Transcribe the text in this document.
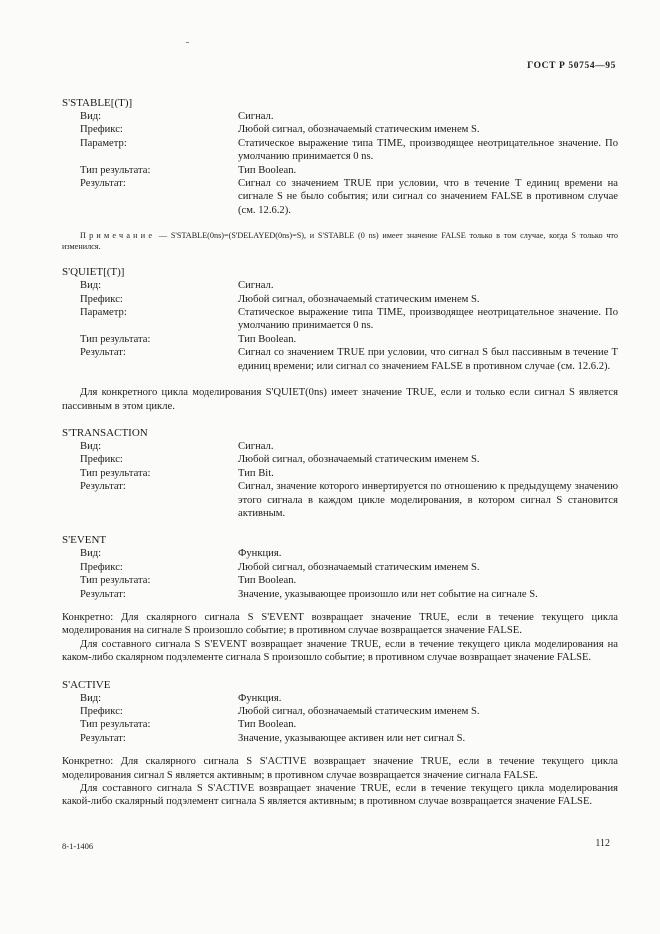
ГОСТ Р 50754—95
S'STABLE[(T)]
Вид:	Сигнал.
Префикс:	Любой сигнал, обозначаемый статическим именем S.
Параметр:	Статическое выражение типа TIME, производящее неотрицательное значение. По умолчанию принимается 0 ns.
Тип результата:	Тип Boolean.
Результат:	Сигнал со значением TRUE при условии, что в течение T единиц времени на сигнале S не было события; или сигнал со значением FALSE в противном случае (см. 12.6.2).
Примечание — S'STABLE(0ns)=(S'DELAYED(0ns)=S), и S'STABLE (0 ns) имеет значение FALSE только в том случае, когда S только что изменился.
S'QUIET[(T)]
Вид:	Сигнал.
Префикс:	Любой сигнал, обозначаемый статическим именем S.
Параметр:	Статическое выражение типа TIME, производящее неотрицательное значение. По умолчанию принимается 0 ns.
Тип результата:	Тип Boolean.
Результат:	Сигнал со значением TRUE при условии, что сигнал S был пассивным в течение T единиц времени; или сигнал со значением FALSE в противном случае (см. 12.6.2).
Для конкретного цикла моделирования S'QUIET(0ns) имеет значение TRUE, если и только если сигнал S является пассивным в этом цикле.
S'TRANSACTION
Вид:	Сигнал.
Префикс:	Любой сигнал, обозначаемый статическим именем S.
Тип результата:	Тип Bit.
Результат:	Сигнал, значение которого инвертируется по отношению к предыдущему значению этого сигнала в каждом цикле моделирования, в котором сигнал S становится активным.
S'EVENT
Вид:	Функция.
Префикс:	Любой сигнал, обозначаемый статическим именем S.
Тип результата:	Тип Boolean.
Результат:	Значение, указывающее произошло или нет событие на сигнале S.
Конкретно: Для скалярного сигнала S S'EVENT возвращает значение TRUE, если в течение текущего цикла моделирования на сигнале S произошло событие; в противном случае возвращается значение FALSE.
Для составного сигнала S S'EVENT возвращает значение TRUE, если в течение текущего цикла моделирования на каком-либо скалярном подэлементе сигнала S произошло событие; в противном случае возвращает значение FALSE.
S'ACTIVE
Вид:	Функция.
Префикс:	Любой сигнал, обозначаемый статическим именем S.
Тип результата:	Тип Boolean.
Результат:	Значение, указывающее активен или нет сигнал S.
Конкретно: Для скалярного сигнала S S'ACTIVE возвращает значение TRUE, если в течение текущего цикла моделирования сигнал S является активным; в противном случае возвращается значение сигнала FALSE.
Для составного сигнала S S'ACTIVE возвращает значение TRUE, если в течение текущего цикла моделирования какой-либо скалярный подэлемент сигнала S является активным; в противном случае возвращается значение FALSE.
8-1-1406	112
